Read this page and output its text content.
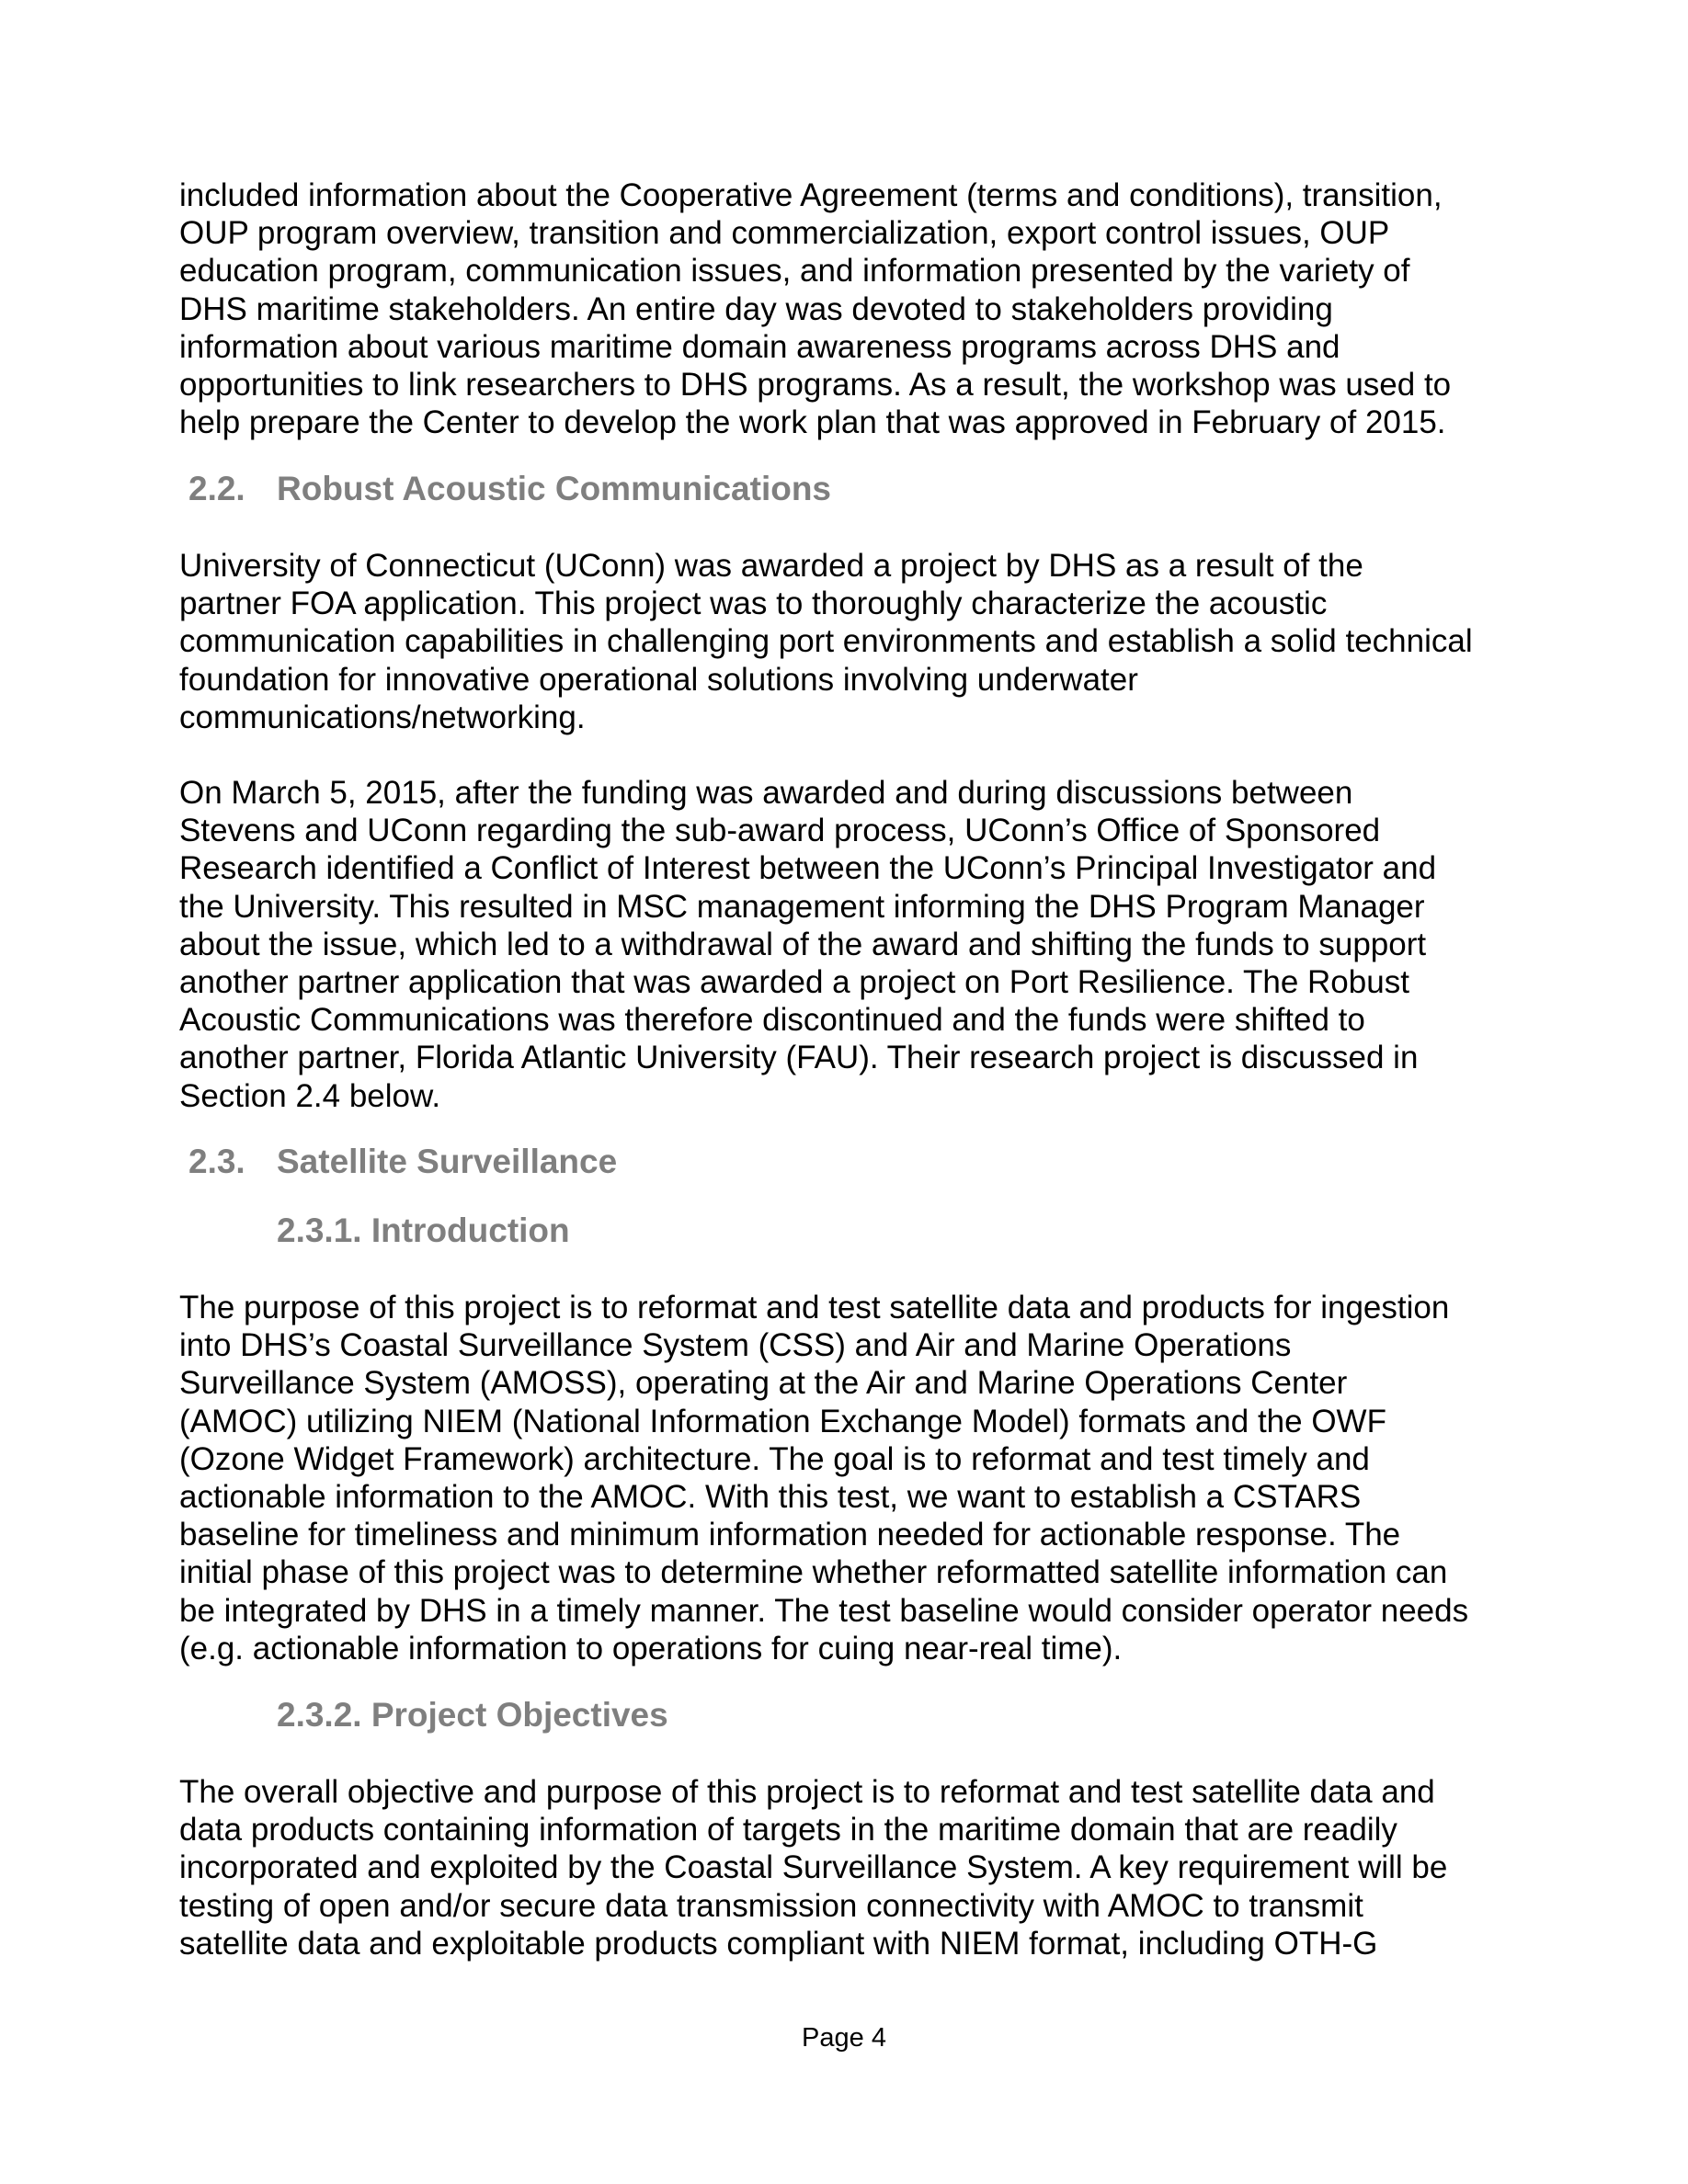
included information about the Cooperative Agreement (terms and conditions), transition,
OUP program overview, transition and commercialization, export control issues, OUP
education program, communication issues, and information presented by the variety of
DHS maritime stakeholders. An entire day was devoted to stakeholders providing
information about various maritime domain awareness programs across DHS and
opportunities to link researchers to DHS programs. As a result, the workshop was used to
help prepare the Center to develop the work plan that was approved in February of 2015.
2.2. Robust Acoustic Communications
University of Connecticut (UConn) was awarded a project by DHS as a result of the
partner FOA application. This project was to thoroughly characterize the acoustic
communication capabilities in challenging port environments and establish a solid technical
foundation for innovative operational solutions involving underwater
communications/networking.
On March 5, 2015, after the funding was awarded and during discussions between
Stevens and UConn regarding the sub-award process, UConn’s Office of Sponsored
Research identified a Conflict of Interest between the UConn’s Principal Investigator and
the University. This resulted in MSC management informing the DHS Program Manager
about the issue, which led to a withdrawal of the award and shifting the funds to support
another partner application that was awarded a project on Port Resilience. The Robust
Acoustic Communications was therefore discontinued and the funds were shifted to
another partner, Florida Atlantic University (FAU). Their research project is discussed in
Section 2.4 below.
2.3. Satellite Surveillance
2.3.1. Introduction
The purpose of this project is to reformat and test satellite data and products for ingestion
into DHS’s Coastal Surveillance System (CSS) and Air and Marine Operations
Surveillance System (AMOSS), operating at the Air and Marine Operations Center
(AMOC) utilizing NIEM (National Information Exchange Model) formats and the OWF
(Ozone Widget Framework) architecture. The goal is to reformat and test timely and
actionable information to the AMOC. With this test, we want to establish a CSTARS
baseline for timeliness and minimum information needed for actionable response. The
initial phase of this project was to determine whether reformatted satellite information can
be integrated by DHS in a timely manner. The test baseline would consider operator needs
(e.g. actionable information to operations for cuing near-real time).
2.3.2. Project Objectives
The overall objective and purpose of this project is to reformat and test satellite data and
data products containing information of targets in the maritime domain that are readily
incorporated and exploited by the Coastal Surveillance System. A key requirement will be
testing of open and/or secure data transmission connectivity with AMOC to transmit
satellite data and exploitable products compliant with NIEM format, including OTH-G
Page 4
